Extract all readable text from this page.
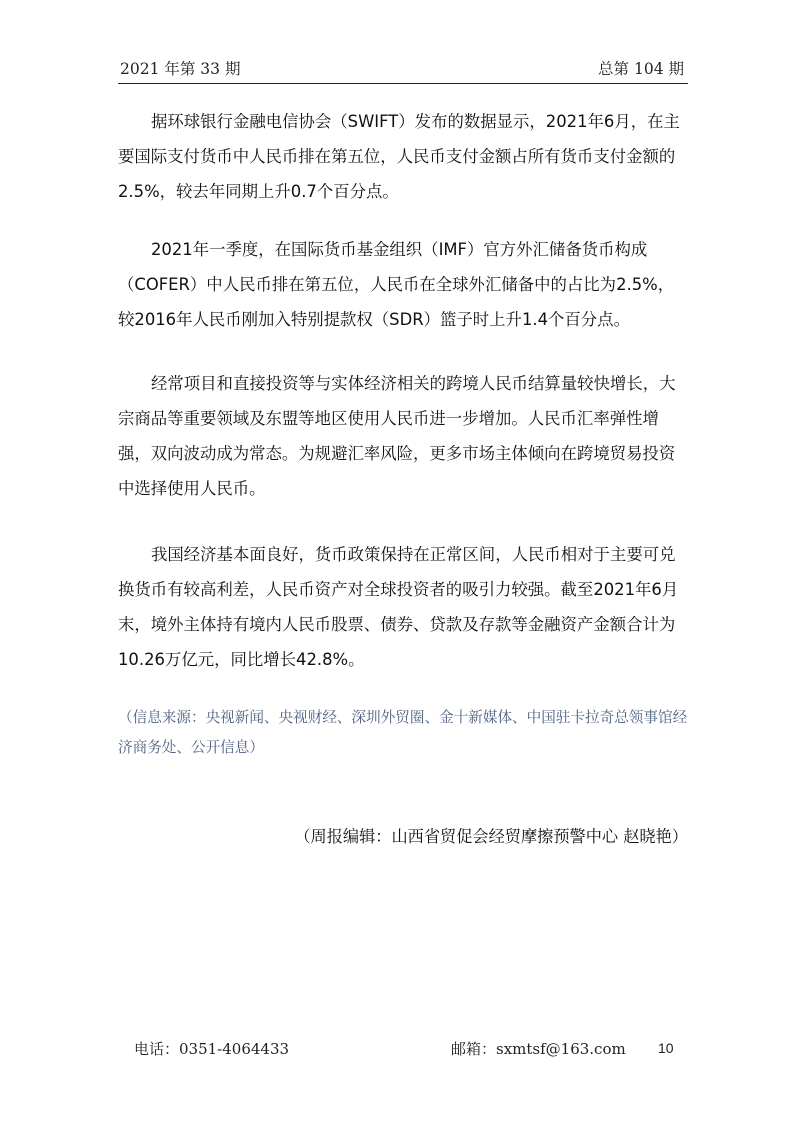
2021 年第 33 期	总第 104 期

据环球银行金融电信协会（SWIFT）发布的数据显示，2021年6月，在主要国际支付货币中人民币排在第五位，人民币支付金额占所有货币支付金额的2.5%，较去年同期上升0.7个百分点。

2021年一季度，在国际货币基金组织（IMF）官方外汇储备货币构成（COFER）中人民币排在第五位，人民币在全球外汇储备中的占比为2.5%，较2016年人民币刚加入特别提款权（SDR）篮子时上升1.4个百分点。

经常项目和直接投资等与实体经济相关的跨境人民币结算量较快增长，大宗商品等重要领域及东盟等地区使用人民币进一步增加。人民币汇率弹性增强，双向波动成为常态。为规避汇率风险，更多市场主体倾向在跨境贸易投资中选择使用人民币。

我国经济基本面良好，货币政策保持在正常区间，人民币相对于主要可兑换货币有较高利差，人民币资产对全球投资者的吸引力较强。截至2021年6月末，境外主体持有境内人民币股票、债券、贷款及存款等金融资产金额合计为10.26万亿元，同比增长42.8%。

（信息来源：央视新闻、央视财经、深圳外贸圈、金十新媒体、中国驻卡拉奇总领事馆经济商务处、公开信息）

（周报编辑：山西省贸促会经贸摩擦预警中心 赵晓艳）

电话：0351-4064433	邮箱：sxmtsf@163.com 10
